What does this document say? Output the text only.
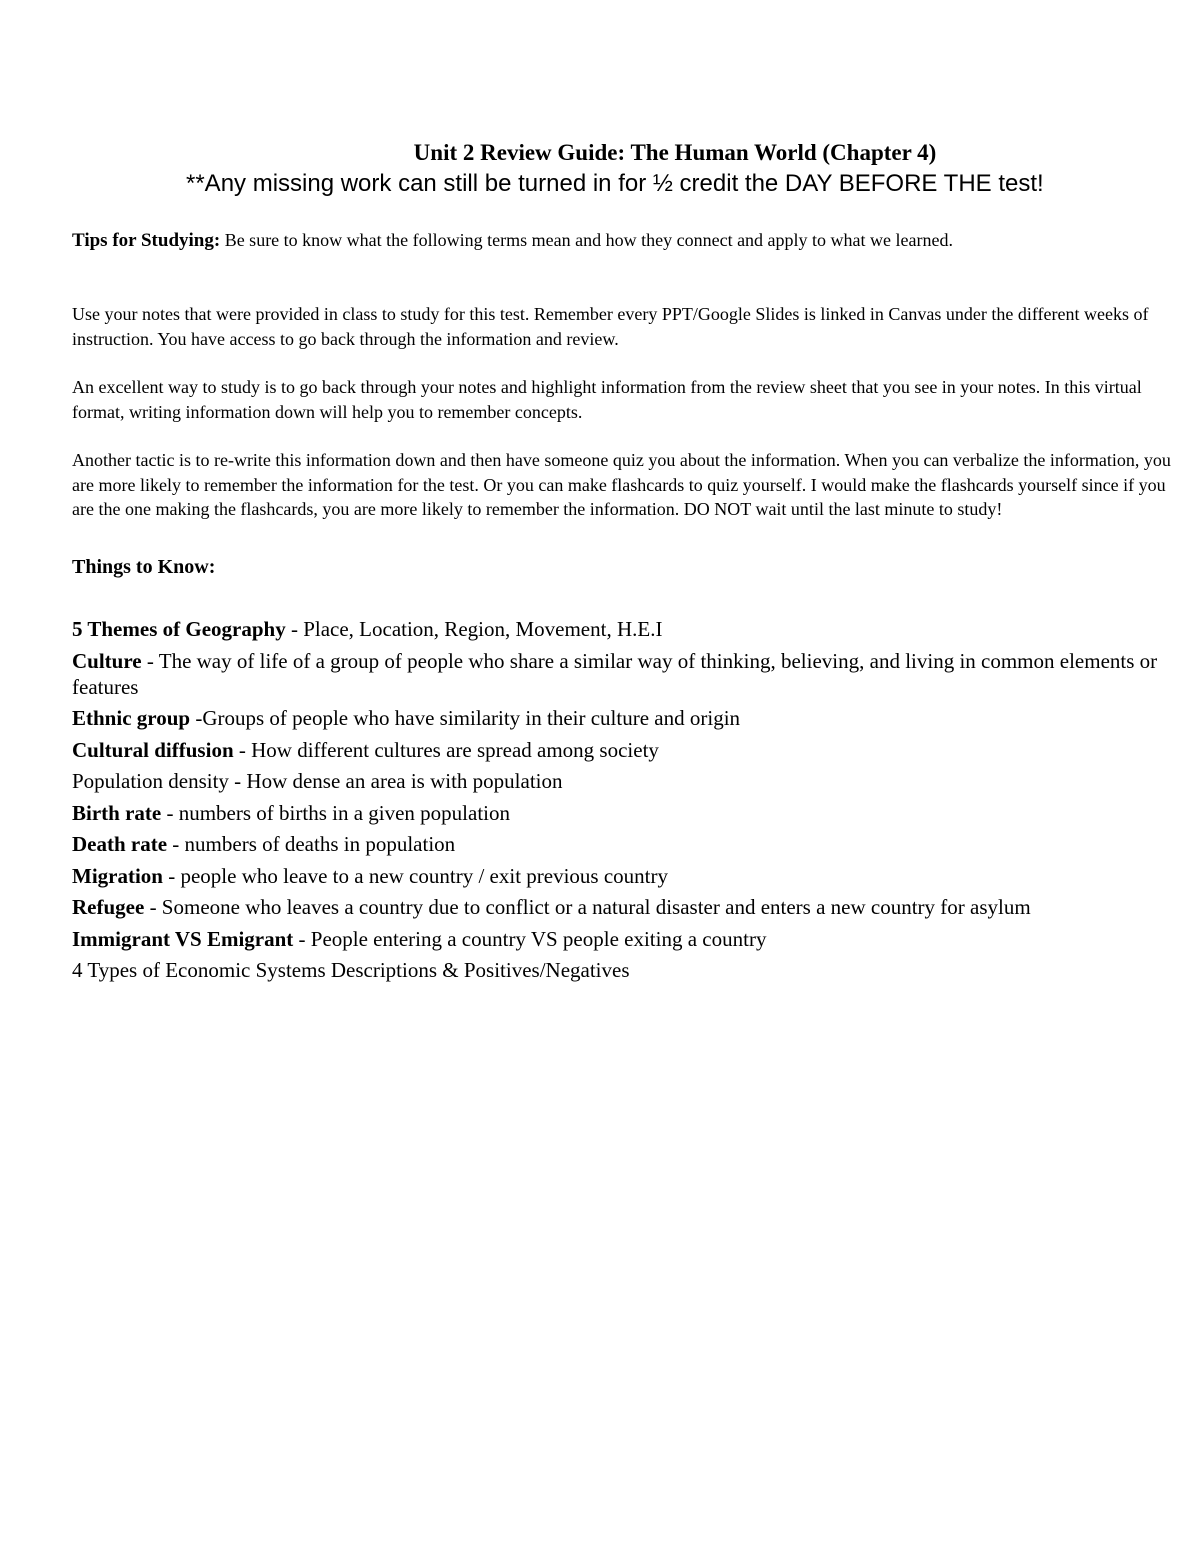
Unit 2 Review Guide: The Human World (Chapter 4)
**Any missing work can still be turned in for ½ credit the DAY BEFORE THE test!

Tips for Studying: Be sure to know what the following terms mean and how they connect and apply to what we learned.

Use your notes that were provided in class to study for this test. Remember every PPT/Google Slides is linked in Canvas under the different weeks of instruction. You have access to go back through the information and review.

An excellent way to study is to go back through your notes and highlight information from the review sheet that you see in your notes. In this virtual format, writing information down will help you to remember concepts.

Another tactic is to re-write this information down and then have someone quiz you about the information. When you can verbalize the information, you are more likely to remember the information for the test. Or you can make flashcards to quiz yourself. I would make the flashcards yourself since if you are the one making the flashcards, you are more likely to remember the information. DO NOT wait until the last minute to study!

Things to Know:
5 Themes of Geography - Place, Location, Region, Movement, H.E.I
Culture - The way of life of a group of people who share a similar way of thinking, believing, and living in common elements or features
Ethnic group -Groups of people who have similarity in their culture and origin
Cultural diffusion - How different cultures are spread among society
Population density - How dense an area is with population
Birth rate - numbers of births in a given population
Death rate - numbers of deaths in population
Migration - people who leave to a new country / exit previous country
Refugee - Someone who leaves a country due to conflict or a natural disaster and enters a new country for asylum
Immigrant VS Emigrant - People entering a country VS people exiting a country
4 Types of Economic Systems Descriptions & Positives/Negatives
